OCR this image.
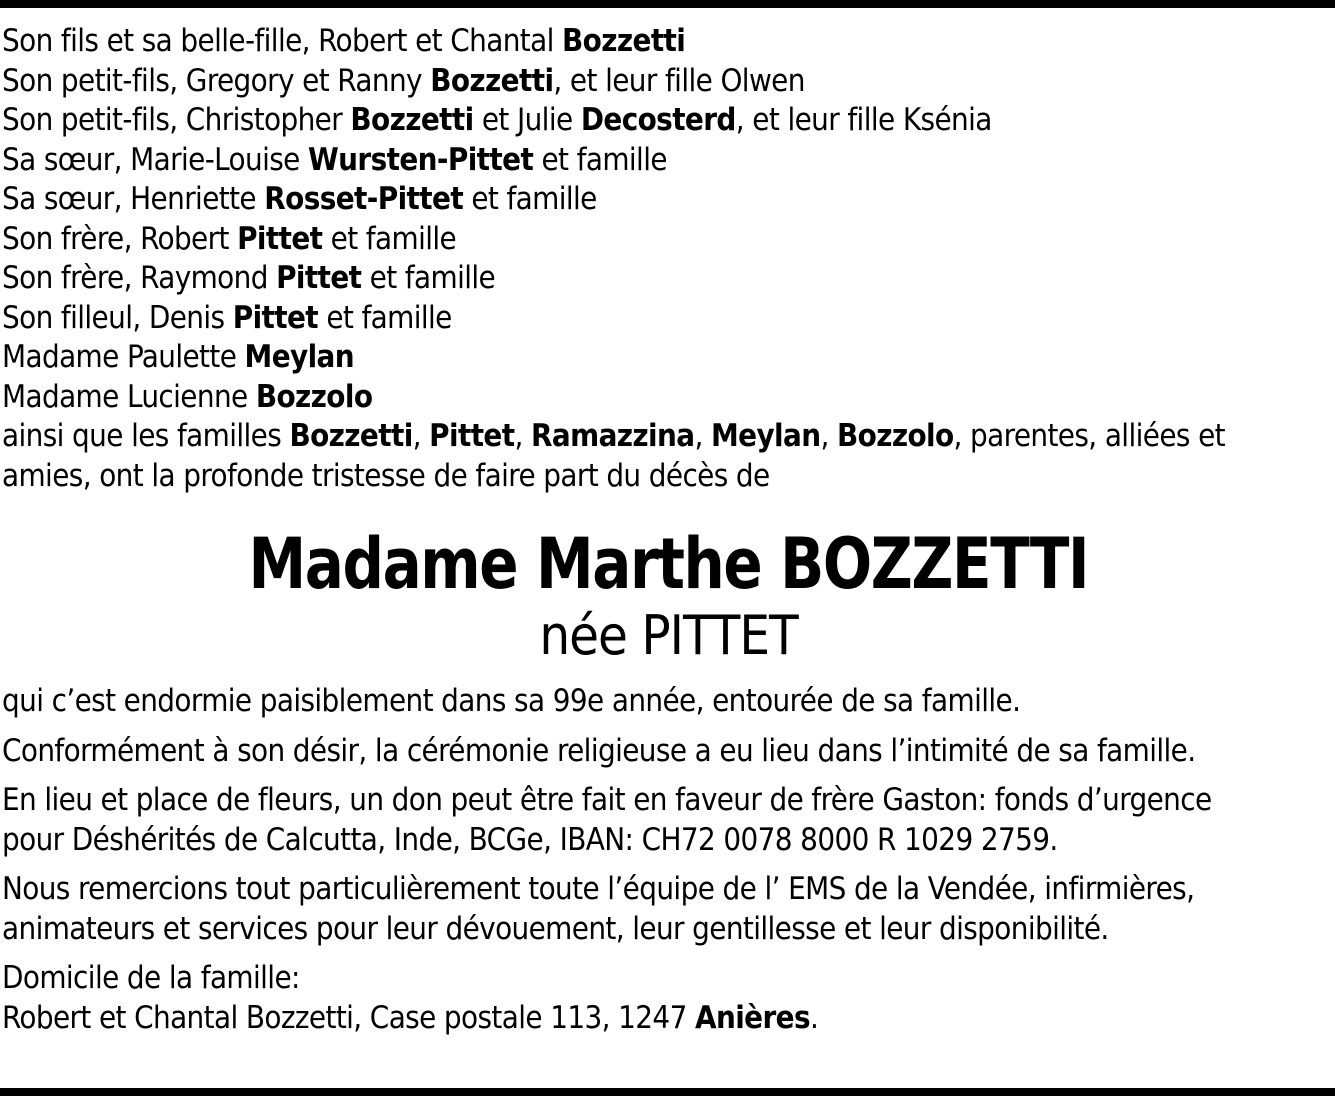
Son fils et sa belle-fille, Robert et Chantal Bozzetti
Son petit-fils, Gregory et Ranny Bozzetti, et leur fille Olwen
Son petit-fils, Christopher Bozzetti et Julie Decosterd, et leur fille Ksénia
Sa sœur, Marie-Louise Wursten-Pittet et famille
Sa sœur, Henriette Rosset-Pittet et famille
Son frère, Robert Pittet et famille
Son frère, Raymond Pittet et famille
Son filleul, Denis Pittet et famille
Madame Paulette Meylan
Madame Lucienne Bozzolo
ainsi que les familles Bozzetti, Pittet, Ramazzina, Meylan, Bozzolo, parentes, alliées et
amies, ont la profonde tristesse de faire part du décès de
Madame Marthe BOZZETTI
née PITTET
qui c’est endormie paisiblement dans sa 99e année, entourée de sa famille.
Conformément à son désir, la cérémonie religieuse a eu lieu dans l’intimité de sa famille.
En lieu et place de fleurs, un don peut être fait en faveur de frère Gaston: fonds d’urgence
pour Déshérités de Calcutta, Inde, BCGe, IBAN: CH72 0078 8000 R 1029 2759.
Nous remercions tout particulièrement toute l’équipe de l’ EMS de la Vendée, infirmières,
animateurs et services pour leur dévouement, leur gentillesse et leur disponibilité.
Domicile de la famille:
Robert et Chantal Bozzetti, Case postale 113, 1247 Anières.
